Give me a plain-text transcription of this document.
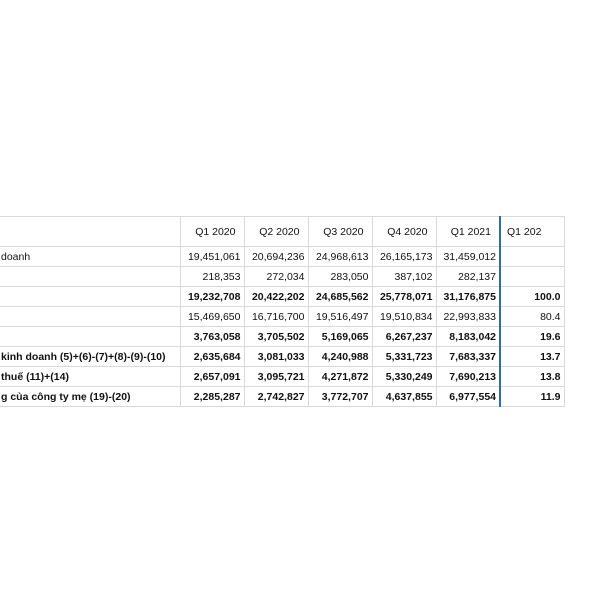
	Q1 2020	Q2 2020	Q3 2020	Q4 2020	Q1 2021	Q1 202
doanh	19,451,061	20,694,236	24,968,613	26,165,173	31,459,012	
	218,353	272,034	283,050	387,102	282,137	
	19,232,708	20,422,202	24,685,562	25,778,071	31,176,875	100.0
	15,469,650	16,716,700	19,516,497	19,510,834	22,993,833	80.4
	3,763,058	3,705,502	5,169,065	6,267,237	8,183,042	19.6
kinh doanh (5)+(6)-(7)+(8)-(9)-(10)	2,635,684	3,081,033	4,240,988	5,331,723	7,683,337	13.7
thuế (11)+(14)	2,657,091	3,095,721	4,271,872	5,330,249	7,690,213	13.8
g của công ty mẹ (19)-(20)	2,285,287	2,742,827	3,772,707	4,637,855	6,977,554	11.9
